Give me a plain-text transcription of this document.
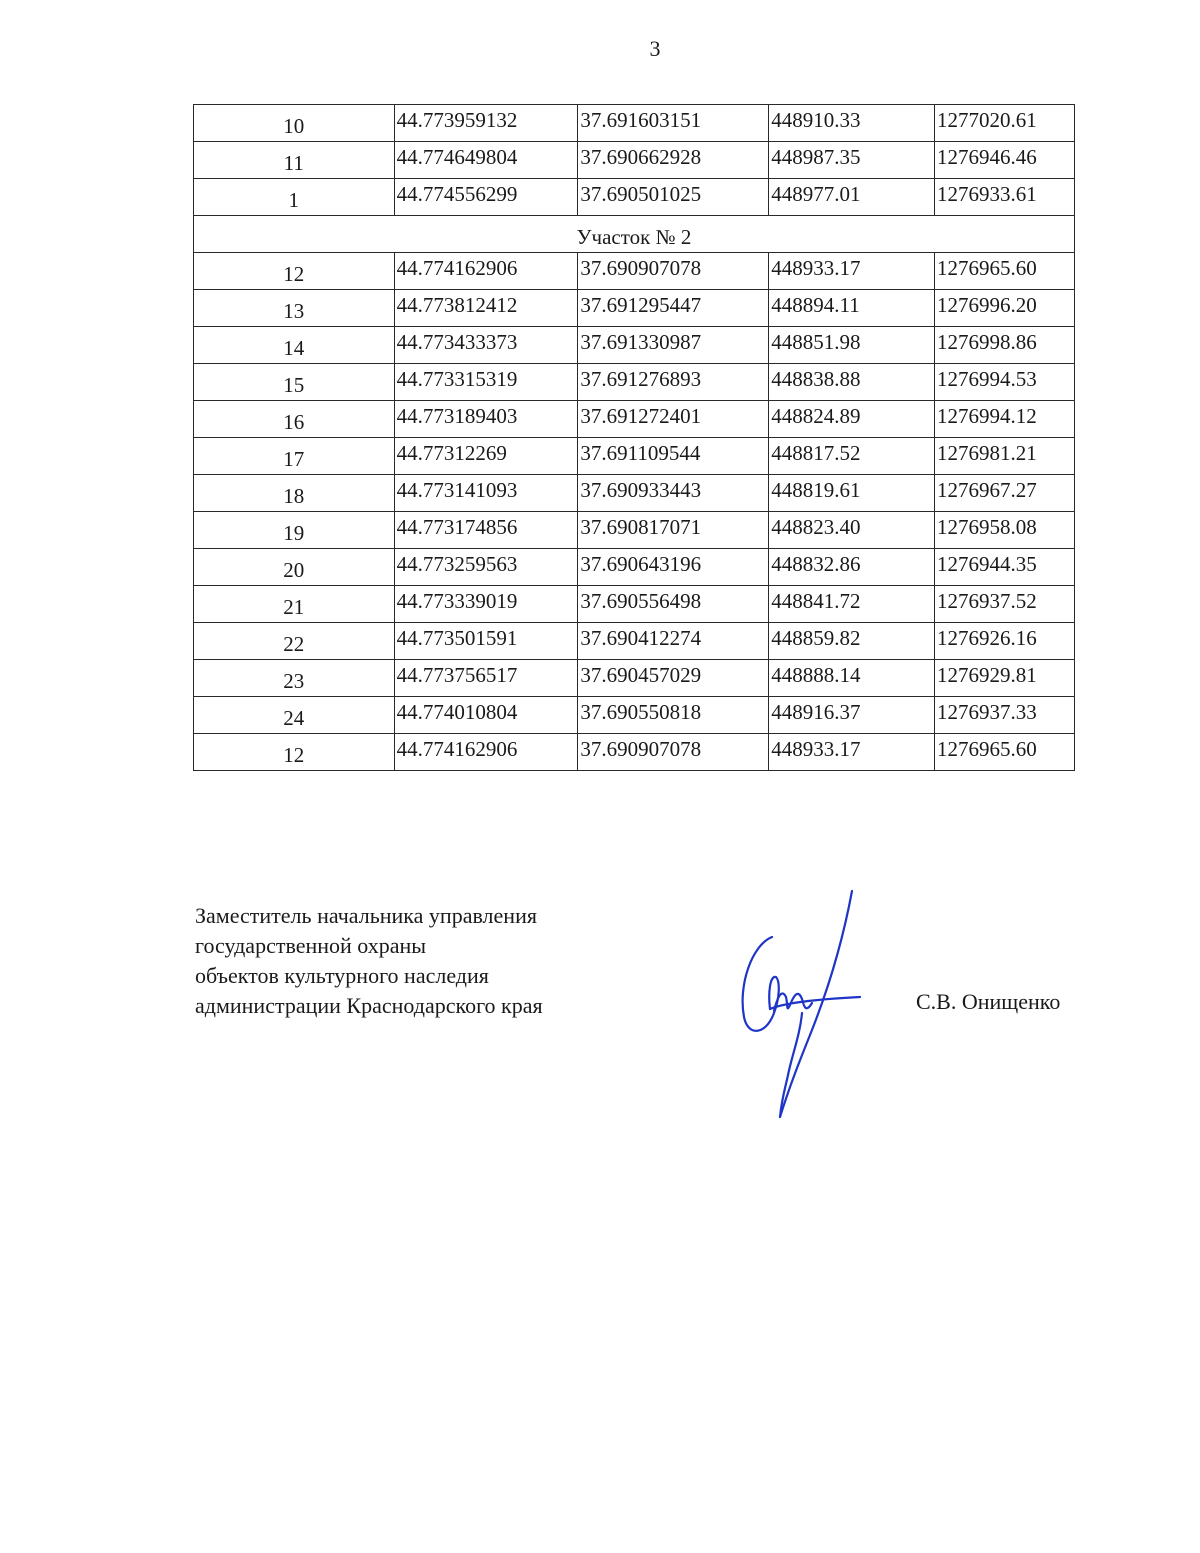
3
10	44.773959132	37.691603151	448910.33	1277020.61
11	44.774649804	37.690662928	448987.35	1276946.46
1	44.774556299	37.690501025	448977.01	1276933.61
Участок № 2				
12	44.774162906	37.690907078	448933.17	1276965.60
13	44.773812412	37.691295447	448894.11	1276996.20
14	44.773433373	37.691330987	448851.98	1276998.86
15	44.773315319	37.691276893	448838.88	1276994.53
16	44.773189403	37.691272401	448824.89	1276994.12
17	44.77312269	37.691109544	448817.52	1276981.21
18	44.773141093	37.690933443	448819.61	1276967.27
19	44.773174856	37.690817071	448823.40	1276958.08
20	44.773259563	37.690643196	448832.86	1276944.35
21	44.773339019	37.690556498	448841.72	1276937.52
22	44.773501591	37.690412274	448859.82	1276926.16
23	44.773756517	37.690457029	448888.14	1276929.81
24	44.774010804	37.690550818	448916.37	1276937.33
12	44.774162906	37.690907078	448933.17	1276965.60
Заместитель начальника управления
государственной охраны
объектов культурного наследия
администрации Краснодарского края	С.В. Онищенко
